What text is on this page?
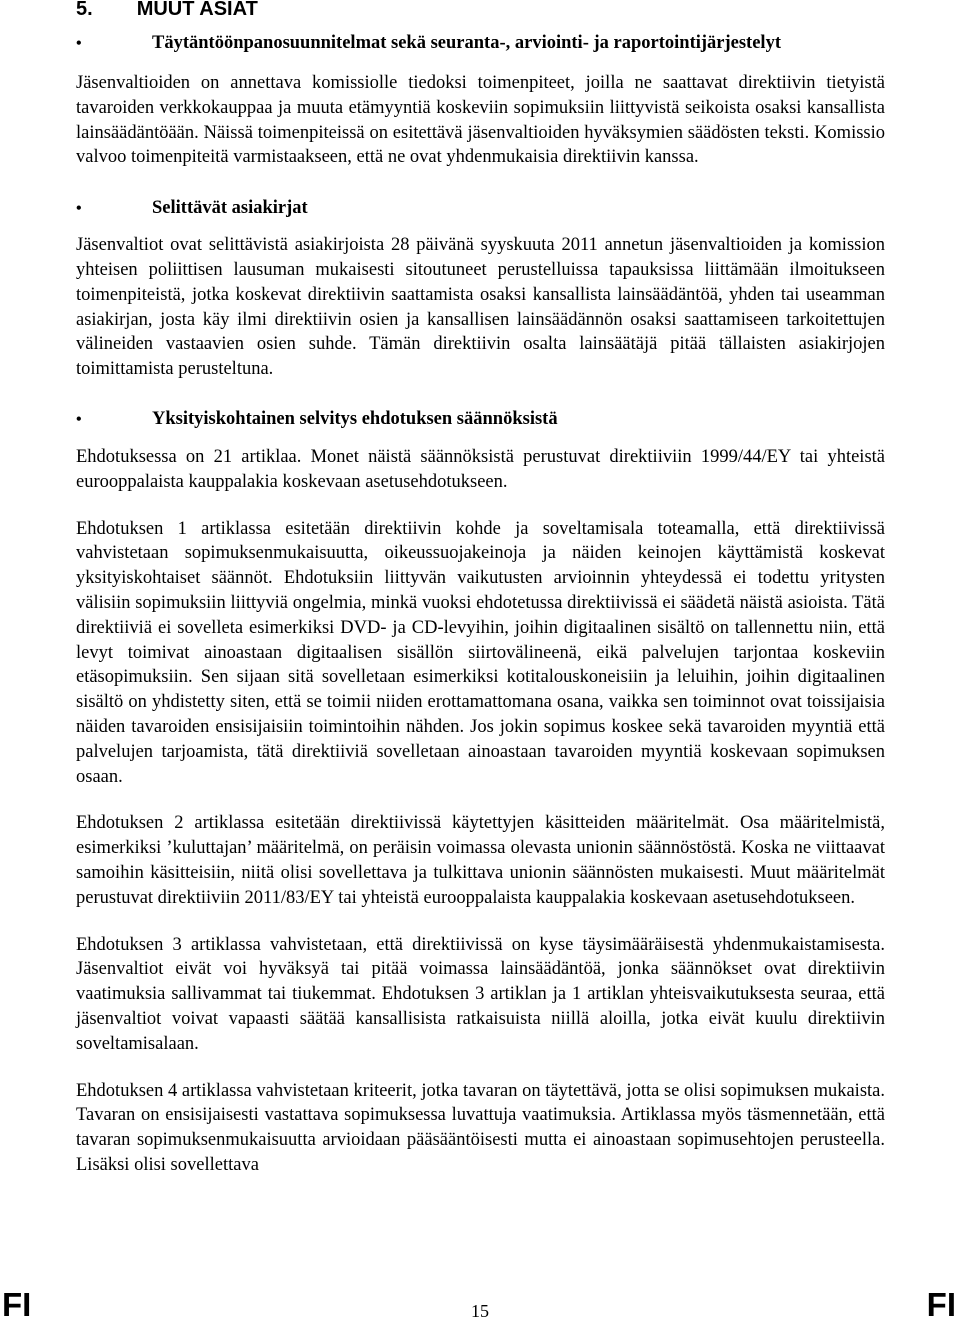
5. MUUT ASIAT
•	Täytäntöönpanosuunnitelmat sekä seuranta-, arviointi- ja raportointijärjestelyt

Jäsenvaltioiden on annettava komissiolle tiedoksi toimenpiteet, joilla ne saattavat direktiivin tietyistä tavaroiden verkkokauppaa ja muuta etämyyntiä koskeviin sopimuksiin liittyvistä seikoista osaksi kansallista lainsäädäntöään. Näissä toimenpiteissä on esitettävä jäsenvaltioiden hyväksymien säädösten teksti. Komissio valvoo toimenpiteitä varmistaakseen, että ne ovat yhdenmukaisia direktiivin kanssa.

•	Selittävät asiakirjat

Jäsenvaltiot ovat selittävistä asiakirjoista 28 päivänä syyskuuta 2011 annetun jäsenvaltioiden ja komission yhteisen poliittisen lausuman mukaisesti sitoutuneet perustelluissa tapauksissa liittämään ilmoitukseen toimenpiteistä, jotka koskevat direktiivin saattamista osaksi kansallista lainsäädäntöä, yhden tai useamman asiakirjan, josta käy ilmi direktiivin osien ja kansallisen lainsäädännön osaksi saattamiseen tarkoitettujen välineiden vastaavien osien suhde. Tämän direktiivin osalta lainsäätäjä pitää tällaisten asiakirjojen toimittamista perusteltuna.

•	Yksityiskohtainen selvitys ehdotuksen säännöksistä

Ehdotuksessa on 21 artiklaa. Monet näistä säännöksistä perustuvat direktiiviin 1999/44/EY tai yhteistä eurooppalaista kauppalakia koskevaan asetusehdotukseen.

Ehdotuksen 1 artiklassa esitetään direktiivin kohde ja soveltamisala toteamalla, että direktiivissä vahvistetaan sopimuksenmukaisuutta, oikeussuojakeinoja ja näiden keinojen käyttämistä koskevat yksityiskohtaiset säännöt. Ehdotuksiin liittyvän vaikutusten arvioinnin yhteydessä ei todettu yritysten välisiin sopimuksiin liittyviä ongelmia, minkä vuoksi ehdotetussa direktiivissä ei säädetä näistä asioista. Tätä direktiiviä ei sovelleta esimerkiksi DVD- ja CD-levyihin, joihin digitaalinen sisältö on tallennettu niin, että levyt toimivat ainoastaan digitaalisen sisällön siirtovälineenä, eikä palvelujen tarjontaa koskeviin etäsopimuksiin. Sen sijaan sitä sovelletaan esimerkiksi kotitalouskoneisiin ja leluihin, joihin digitaalinen sisältö on yhdistetty siten, että se toimii niiden erottamattomana osana, vaikka sen toiminnot ovat toissijaisia näiden tavaroiden ensisijaisiin toimintoihin nähden. Jos jokin sopimus koskee sekä tavaroiden myyntiä että palvelujen tarjoamista, tätä direktiiviä sovelletaan ainoastaan tavaroiden myyntiä koskevaan sopimuksen osaan.

Ehdotuksen 2 artiklassa esitetään direktiivissä käytettyjen käsitteiden määritelmät. Osa määritelmistä, esimerkiksi ’kuluttajan’ määritelmä, on peräisin voimassa olevasta unionin säännöstöstä. Koska ne viittaavat samoihin käsitteisiin, niitä olisi sovellettava ja tulkittava unionin säännösten mukaisesti. Muut määritelmät perustuvat direktiiviin 2011/83/EY tai yhteistä eurooppalaista kauppalakia koskevaan asetusehdotukseen.

Ehdotuksen 3 artiklassa vahvistetaan, että direktiivissä on kyse täysimääräisestä yhdenmukaistamisesta. Jäsenvaltiot eivät voi hyväksyä tai pitää voimassa lainsäädäntöä, jonka säännökset ovat direktiivin vaatimuksia sallivammat tai tiukemmat. Ehdotuksen 3 artiklan ja 1 artiklan yhteisvaikutuksesta seuraa, että jäsenvaltiot voivat vapaasti säätää kansallisista ratkaisuista niillä aloilla, jotka eivät kuulu direktiivin soveltamisalaan.

Ehdotuksen 4 artiklassa vahvistetaan kriteerit, jotka tavaran on täytettävä, jotta se olisi sopimuksen mukaista. Tavaran on ensisijaisesti vastattava sopimuksessa luvattuja vaatimuksia. Artiklassa myös täsmennetään, että tavaran sopimuksenmukaisuutta arvioidaan pääsääntöisesti mutta ei ainoastaan sopimusehtojen perusteella. Lisäksi olisi sovellettava

FI	15	FI
